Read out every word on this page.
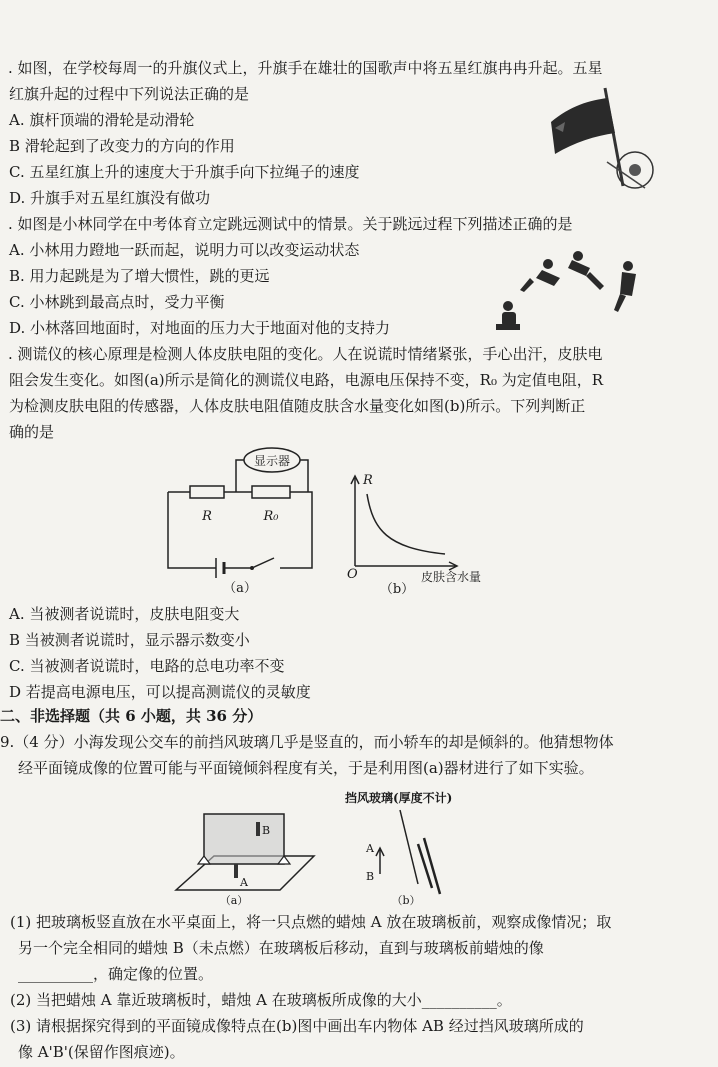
. 如图，在学校每周一的升旗仪式上，升旗手在雄壮的国歌声中将五星红旗冉冉升起。五星
红旗升起的过程中下列说法正确的是
A. 旗杆顶端的滑轮是动滑轮
B 滑轮起到了改变力的方向的作用
C. 五星红旗上升的速度大于升旗手向下拉绳子的速度
D. 升旗手对五星红旗没有做功
. 如图是小林同学在中考体育立定跳远测试中的情景。关于跳远过程下列描述正确的是
A. 小林用力蹬地一跃而起，说明力可以改变运动状态
B. 用力起跳是为了增大惯性，跳的更远
C. 小林跳到最高点时，受力平衡
D. 小林落回地面时，对地面的压力大于地面对他的支持力
. 测谎仪的核心原理是检测人体皮肤电阻的变化。人在说谎时情绪紧张，手心出汗，皮肤电
阻会发生变化。如图(a)所示是简化的测谎仪电路，电源电压保持不变，R₀ 为定值电阻，R
为检测皮肤电阻的传感器，人体皮肤电阻值随皮肤含水量变化如图(b)所示。下列判断正
确的是
显示器
R	R₀
（a）
R
O	皮肤含水量
（b）
A. 当被测者说谎时，皮肤电阻变大
B 当被测者说谎时，显示器示数变小
C. 当被测者说谎时，电路的总电功率不变
D 若提高电源电压，可以提高测谎仪的灵敏度
二、非选择题（共 6 小题，共 36 分）
9.（4 分）小海发现公交车的前挡风玻璃几乎是竖直的，而小轿车的却是倾斜的。他猜想物体
经平面镜成像的位置可能与平面镜倾斜程度有关，于是利用图(a)器材进行了如下实验。
挡风玻璃(厚度不计)
B
A
（a）
A
B
（b）
(1) 把玻璃板竖直放在水平桌面上，将一只点燃的蜡烛 A 放在玻璃板前，观察成像情况；取
另一个完全相同的蜡烛 B（未点燃）在玻璃板后移动，直到与玻璃板前蜡烛的像
__________，确定像的位置。
(2) 当把蜡烛 A 靠近玻璃板时，蜡烛 A 在玻璃板所成像的大小__________。
(3) 请根据探究得到的平面镜成像特点在(b)图中画出车内物体 AB 经过挡风玻璃所成的
像 A'B'(保留作图痕迹)。
